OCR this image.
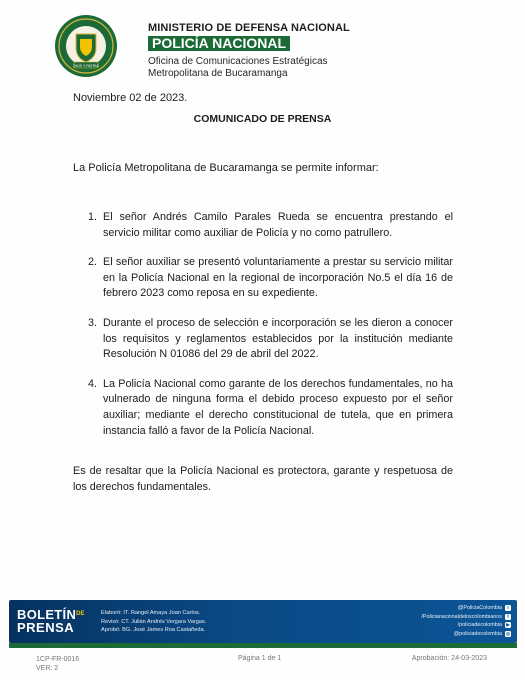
DIOS Y PATRIA
MINISTERIO DE DEFENSA NACIONAL
POLICÍA NACIONAL
Oficina de Comunicaciones Estratégicas
Metropolitana de Bucaramanga
Noviembre 02 de 2023.
COMUNICADO DE PRENSA
La Policía Metropolitana de Bucaramanga se permite informar:
1. El señor Andrés Camilo Parales Rueda se encuentra prestando el servicio militar como auxiliar de Policía y no como patrullero.
2. El señor auxiliar se presentó voluntariamente a prestar su servicio militar en la Policía Nacional en la regional de incorporación No.5 el día 16 de febrero 2023 como reposa en su expediente.
3. Durante el proceso de selección e incorporación se les dieron a conocer los requisitos y reglamentos establecidos por la institución mediante Resolución N 01086 del 29 de abril del 2022.
4. La Policía Nacional como garante de los derechos fundamentales, no ha vulnerado de ninguna forma el debido proceso expuesto por el señor auxiliar; mediante el derecho constitucional de tutela, que en primera instancia falló a favor de la Policía Nacional.
Es de resaltar que la Policía Nacional es protectora, garante y respetuosa de los derechos fundamentales.
$BOLETÍN^{DE}$
PRENSA
Elaboró: IT. Rangel Amaya Joan Carlos.
Revisó: CT. Julián Andrés Vergara Vargas.
Aprobó: BG. José James Roa Castañeda.
@PoliciaColombia	t
/Policianacionaldeloscolombianos	f
/policiadecolombia ▶
@policiadecolombia ◎
1CP-FR-0016
VER: 2
Página 1 de 1	Aprobación: 24-03-2023
